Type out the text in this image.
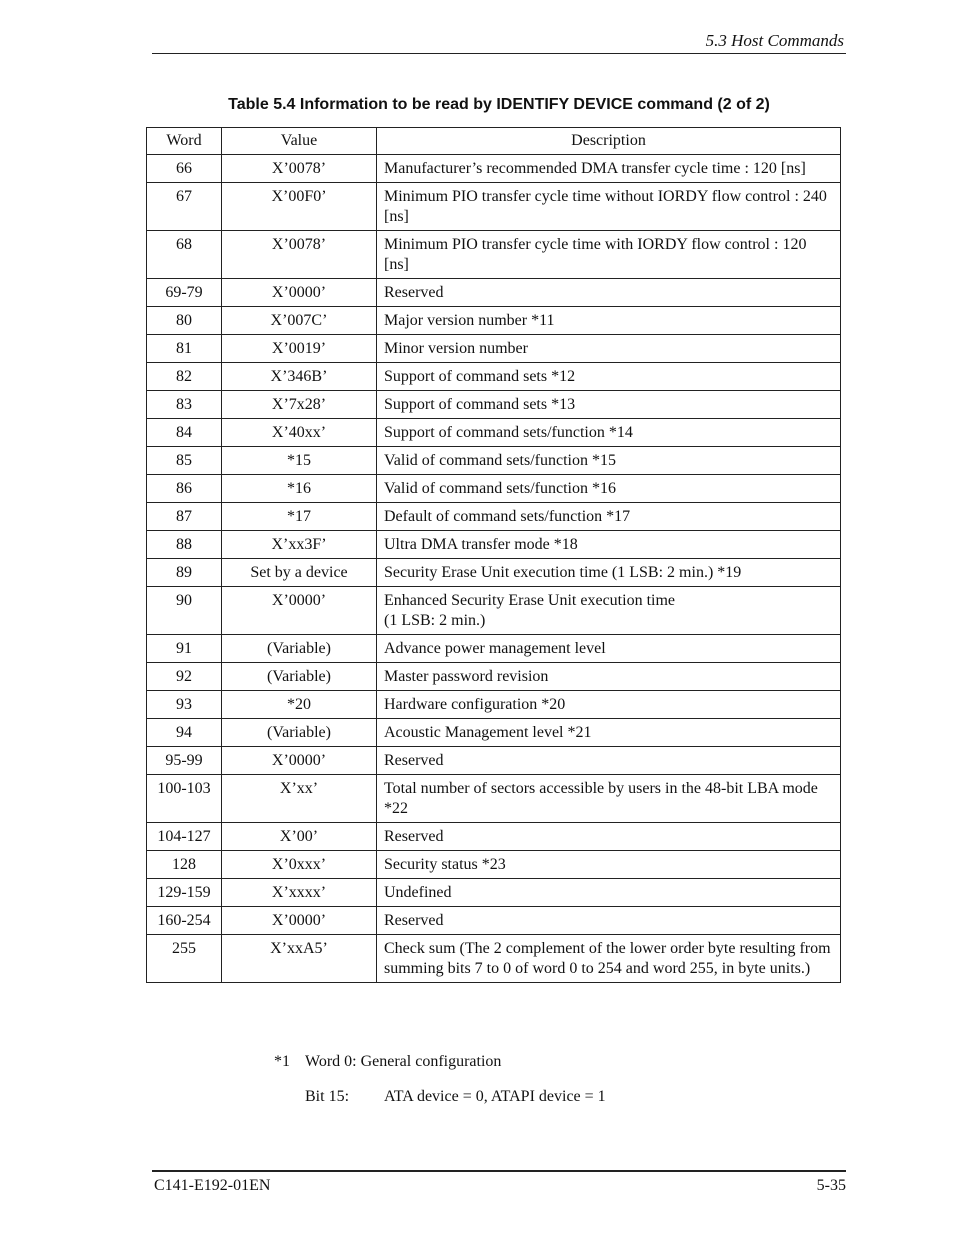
5.3 Host Commands
Table 5.4 Information to be read by IDENTIFY DEVICE command (2 of 2)
Word	Value	Description
66	X’0078’	Manufacturer’s recommended DMA transfer cycle time : 120 [ns]
67	X’00F0’	Minimum PIO transfer cycle time without IORDY flow control : 240 [ns]
68	X’0078’	Minimum PIO transfer cycle time with IORDY flow control : 120 [ns]
69-79	X’0000’	Reserved
80	X’007C’	Major version number *11
81	X’0019’	Minor version number
82	X’346B’	Support of command sets *12
83	X’7x28’	Support of command sets *13
84	X’40xx’	Support of command sets/function *14
85	*15	Valid of command sets/function *15
86	*16	Valid of command sets/function *16
87	*17	Default of command sets/function *17
88	X’xx3F’	Ultra DMA transfer mode *18
89	Set by a device	Security Erase Unit execution time (1 LSB: 2 min.) *19
90	X’0000’	Enhanced Security Erase Unit execution time
(1 LSB: 2 min.)
91	(Variable)	Advance power management level
92	(Variable)	Master password revision
93	*20	Hardware configuration *20
94	(Variable)	Acoustic Management level *21
95-99	X’0000’	Reserved
100-103	X’xx’	Total number of sectors accessible by users in the 48-bit LBA mode *22
104-127	X’00’	Reserved
128	X’0xxx’	Security status *23
129-159	X’xxxx’	Undefined
160-254	X’0000’	Reserved
255	X’xxA5’	Check sum (The 2 complement of the lower order byte resulting from summing bits 7 to 0 of word 0 to 254 and word 255, in byte units.)
*1 Word 0: General configuration
Bit 15: ATA device = 0, ATAPI device = 1
C141-E192-01EN	5-35
